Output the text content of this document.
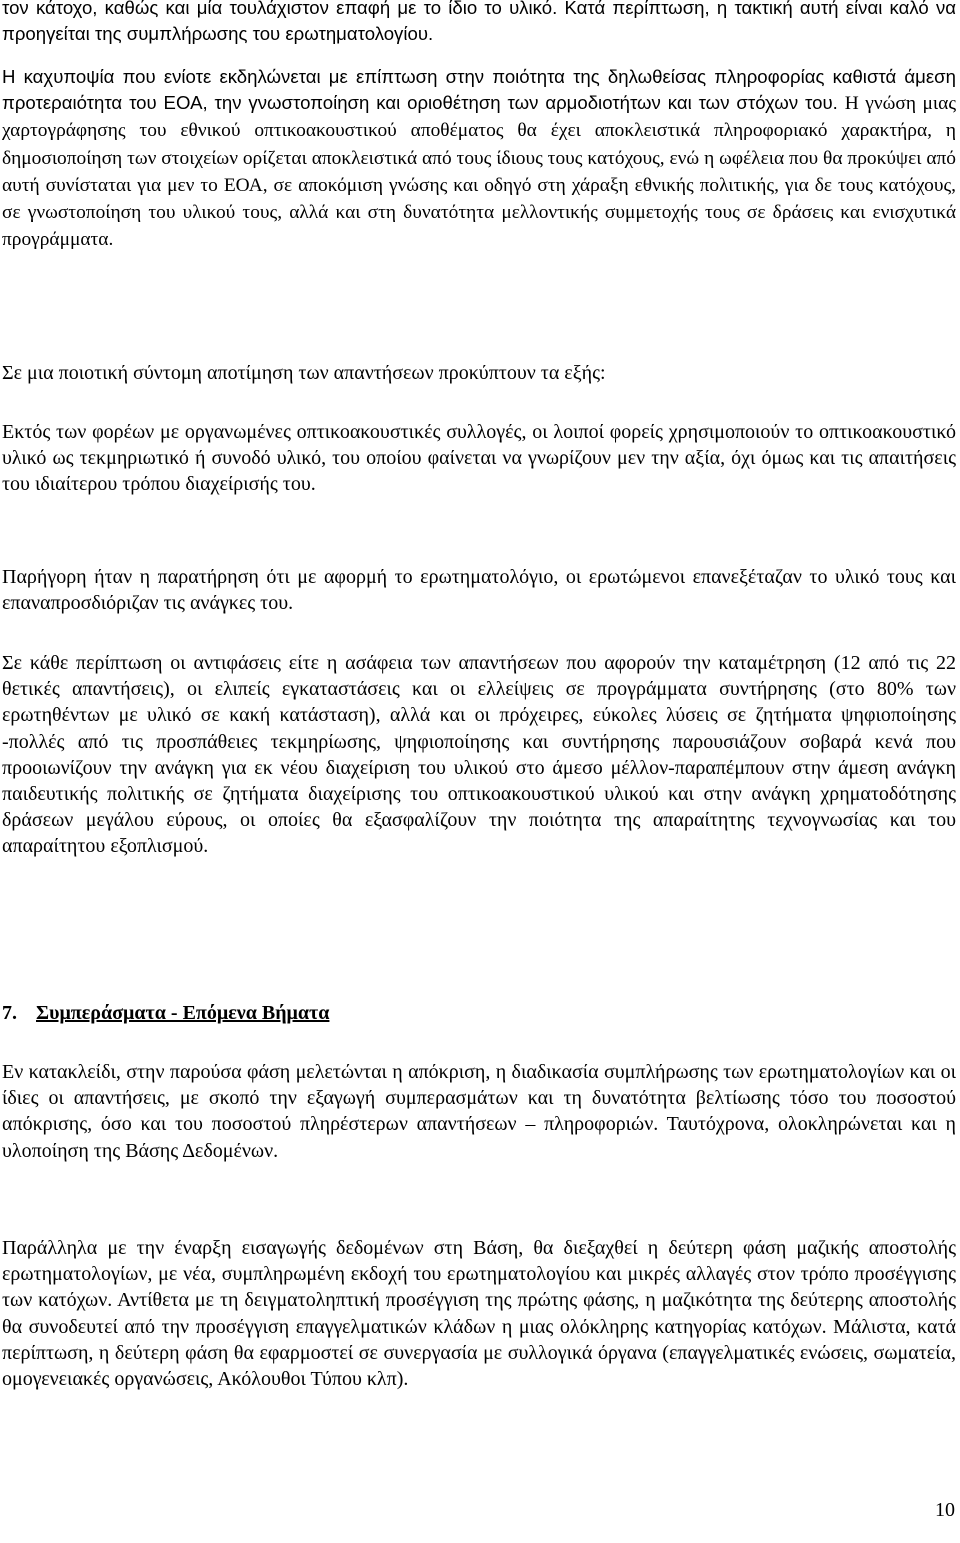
τον κάτοχο, καθώς και μία τουλάχιστον επαφή με το ίδιο το υλικό. Κατά περίπτωση, η τακτική αυτή είναι καλό να προηγείται της συμπλήρωσης του ερωτηματολογίου.

Η καχυποψία που ενίοτε εκδηλώνεται με επίπτωση στην ποιότητα της δηλωθείσας πληροφορίας καθιστά άμεση προτεραιότητα του ΕΟΑ, την γνωστοποίηση και οριοθέτηση των αρμοδιοτήτων και των στόχων του. Η γνώση μιας χαρτογράφησης του εθνικού οπτικοακουστικού αποθέματος θα έχει αποκλειστικά πληροφοριακό χαρακτήρα, η δημοσιοποίηση των στοιχείων ορίζεται αποκλειστικά από τους ίδιους τους κατόχους, ενώ η ωφέλεια που θα προκύψει από αυτή συνίσταται για μεν το ΕΟΑ, σε αποκόμιση γνώσης και οδηγό στη χάραξη εθνικής πολιτικής, για δε τους κατόχους, σε γνωστοποίηση του υλικού τους, αλλά και στη δυνατότητα μελλοντικής συμμετοχής τους σε δράσεις και ενισχυτικά προγράμματα.

Σε μια ποιοτική σύντομη αποτίμηση των απαντήσεων προκύπτουν τα εξής:

Εκτός των φορέων με οργανωμένες οπτικοακουστικές συλλογές, οι λοιποί φορείς χρησιμοποιούν το οπτικοακουστικό υλικό ως τεκμηριωτικό ή συνοδό υλικό, του οποίου φαίνεται να γνωρίζουν μεν την αξία, όχι όμως και τις απαιτήσεις του ιδιαίτερου τρόπου διαχείρισής του.

Παρήγορη ήταν η παρατήρηση ότι με αφορμή το ερωτηματολόγιο, οι ερωτώμενοι επανεξέταζαν το υλικό τους και επαναπροσδιόριζαν τις ανάγκες του.

Σε κάθε περίπτωση οι αντιφάσεις είτε η ασάφεια των απαντήσεων που αφορούν την καταμέτρηση (12 από τις 22 θετικές απαντήσεις), οι ελιπείς εγκαταστάσεις και οι ελλείψεις σε προγράμματα συντήρησης (στο 80% των ερωτηθέντων με υλικό σε κακή κατάσταση), αλλά και οι πρόχειρες, εύκολες λύσεις σε ζητήματα ψηφιοποίησης -πολλές από τις προσπάθειες τεκμηρίωσης, ψηφιοποίησης και συντήρησης παρουσιάζουν σοβαρά κενά που προοιωνίζουν την ανάγκη για εκ νέου διαχείριση του υλικού στο άμεσο μέλλον-παραπέμπουν στην άμεση ανάγκη παιδευτικής πολιτικής σε ζητήματα διαχείρισης του οπτικοακουστικού υλικού και στην ανάγκη χρηματοδότησης δράσεων μεγάλου εύρους, οι οποίες θα εξασφαλίζουν την ποιότητα της απαραίτητης τεχνογνωσίας και του απαραίτητου εξοπλισμού.

7. Συμπεράσματα - Επόμενα Βήματα

Εν κατακλείδι, στην παρούσα φάση μελετώνται η απόκριση, η διαδικασία συμπλήρωσης των ερωτηματολογίων και οι ίδιες οι απαντήσεις, με σκοπό την εξαγωγή συμπερασμάτων και τη δυνατότητα βελτίωσης τόσο του ποσοστού απόκρισης, όσο και του ποσοστού πληρέστερων απαντήσεων – πληροφοριών. Ταυτόχρονα, ολοκληρώνεται και η υλοποίηση της Βάσης Δεδομένων.

Παράλληλα με την έναρξη εισαγωγής δεδομένων στη Βάση, θα διεξαχθεί η δεύτερη φάση μαζικής αποστολής ερωτηματολογίων, με νέα, συμπληρωμένη εκδοχή του ερωτηματολογίου και μικρές αλλαγές στον τρόπο προσέγγισης των κατόχων. Αντίθετα με τη δειγματοληπτική προσέγγιση της πρώτης φάσης, η μαζικότητα της δεύτερης αποστολής θα συνοδευτεί από την προσέγγιση επαγγελματικών κλάδων η μιας ολόκληρης κατηγορίας κατόχων. Μάλιστα, κατά περίπτωση, η δεύτερη φάση θα εφαρμοστεί σε συνεργασία με συλλογικά όργανα (επαγγελματικές ενώσεις, σωματεία, ομογενειακές οργανώσεις, Ακόλουθοι Τύπου κλπ).

10
